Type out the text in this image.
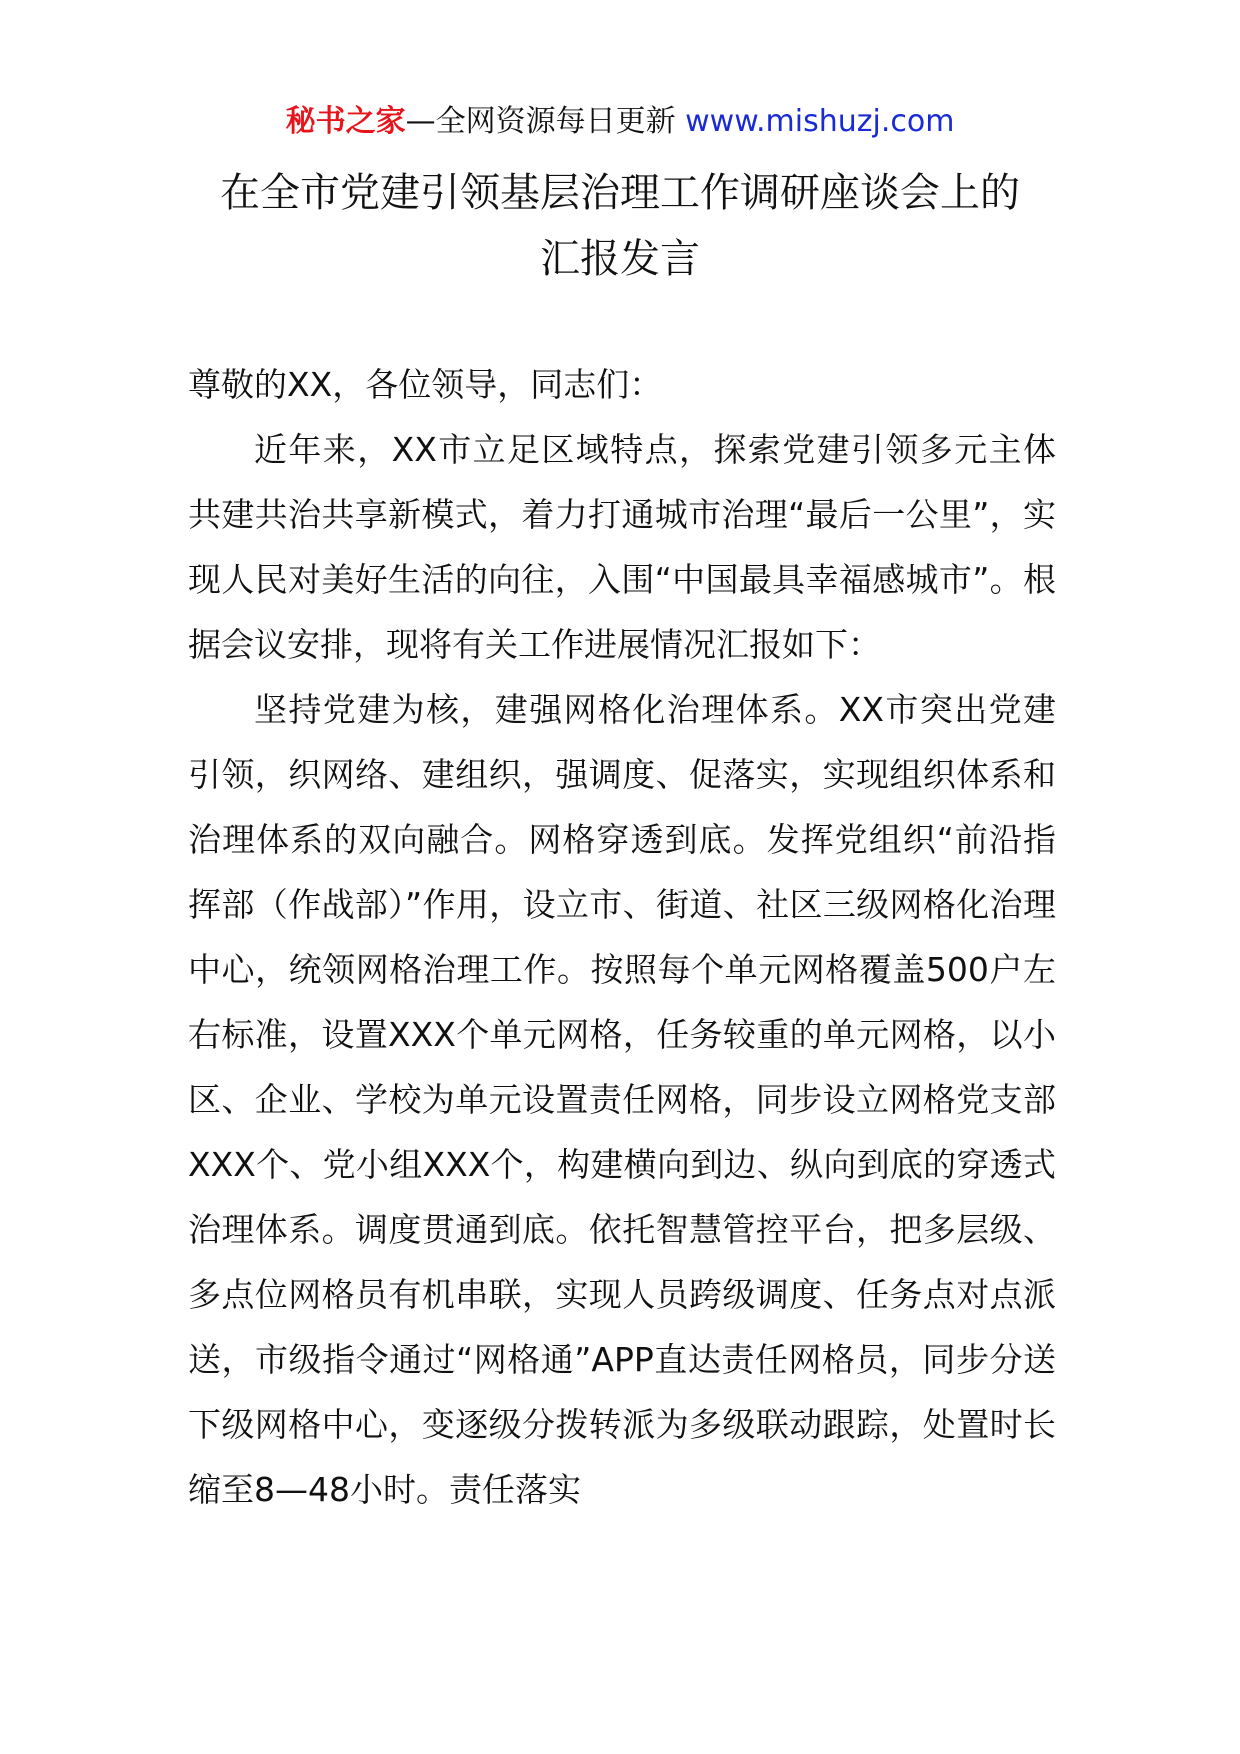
秘书之家—全网资源每日更新 www.mishuzj.com
在全市党建引领基层治理工作调研座谈会上的
汇报发言

尊敬的XX，各位领导，同志们：

近年来，XX市立足区域特点，探索党建引领多元主体共建共治共享新模式，着力打通城市治理“最后一公里”，实现人民对美好生活的向往，入围“中国最具幸福感城市”。根据会议安排，现将有关工作进展情况汇报如下：

坚持党建为核，建强网格化治理体系。XX市突出党建引领，织网络、建组织，强调度、促落实，实现组织体系和治理体系的双向融合。网格穿透到底。发挥党组织“前沿指挥部（作战部）”作用，设立市、街道、社区三级网格化治理中心，统领网格治理工作。按照每个单元网格覆盖500户左右标准，设置XXX个单元网格，任务较重的单元网格，以小区、企业、学校为单元设置责任网格，同步设立网格党支部XXX个、党小组XXX个，构建横向到边、纵向到底的穿透式治理体系。调度贯通到底。依托智慧管控平台，把多层级、多点位网格员有机串联，实现人员跨级调度、任务点对点派送，市级指令通过“网格通”APP直达责任网格员，同步分送下级网格中心，变逐级分拨转派为多级联动跟踪，处置时长缩至8—48小时。责任落实
